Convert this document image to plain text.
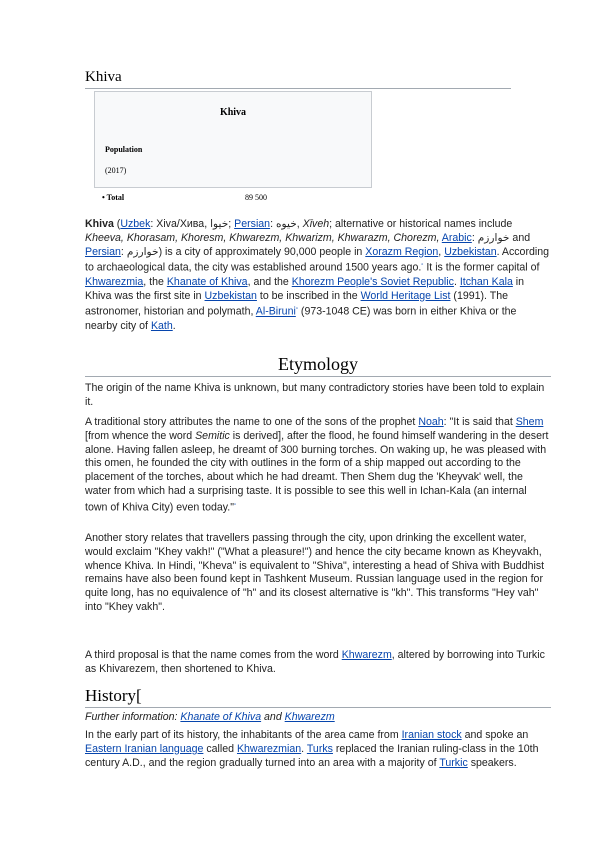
Khiva
Khiva
Population
(2017)
• Total	89 500
Khiva (Uzbek: Xiva/Хива, خیوا; Persian: خیوه, Xīveh; alternative or historical names include Kheeva, Khorasam, Khoresm, Khwarezm, Khwarizm, Khwarazm, Chorezm, Arabic: خوارزم and Persian: خوارزم) is a city of approximately 90,000 people in Xorazm Region, Uzbekistan. According to archaeological data, the city was established around 1500 years ago.▫ It is the former capital of Khwarezmia, the Khanate of Khiva, and the Khorezm People's Soviet Republic. Itchan Kala in Khiva was the first site in Uzbekistan to be inscribed in the World Heritage List (1991). The astronomer, historian and polymath, Al-Biruni▫ (973-1048 CE) was born in either Khiva or the nearby city of Kath.
Etymology
The origin of the name Khiva is unknown, but many contradictory stories have been told to explain it.
A traditional story attributes the name to one of the sons of the prophet Noah: "It is said that Shem [from whence the word Semitic is derived], after the flood, he found himself wandering in the desert alone. Having fallen asleep, he dreamt of 300 burning torches. On waking up, he was pleased with this omen, he founded the city with outlines in the form of a ship mapped out according to the placement of the torches, about which he had dreamt. Then Shem dug the 'Kheyvak' well, the water from which had a surprising taste. It is possible to see this well in Ichan-Kala (an internal town of Khiva City) even today."▫
Another story relates that travellers passing through the city, upon drinking the excellent water, would exclaim "Khey vakh!" ("What a pleasure!") and hence the city became known as Kheyvakh, whence Khiva. In Hindi, "Kheva" is equivalent to "Shiva", interesting a head of Shiva with Buddhist remains have also been found kept in Tashkent Museum. Russian language used in the region for quite long, has no equivalence of "h" and its closest alternative is "kh". This transforms "Hey vah" into "Khey vakh".
A third proposal is that the name comes from the word Khwarezm, altered by borrowing into Turkic as Khivarezem, then shortened to Khiva.
History[
Further information: Khanate of Khiva and Khwarezm
In the early part of its history, the inhabitants of the area came from Iranian stock and spoke an Eastern Iranian language called Khwarezmian. Turks replaced the Iranian ruling-class in the 10th century A.D., and the region gradually turned into an area with a majority of Turkic speakers.
